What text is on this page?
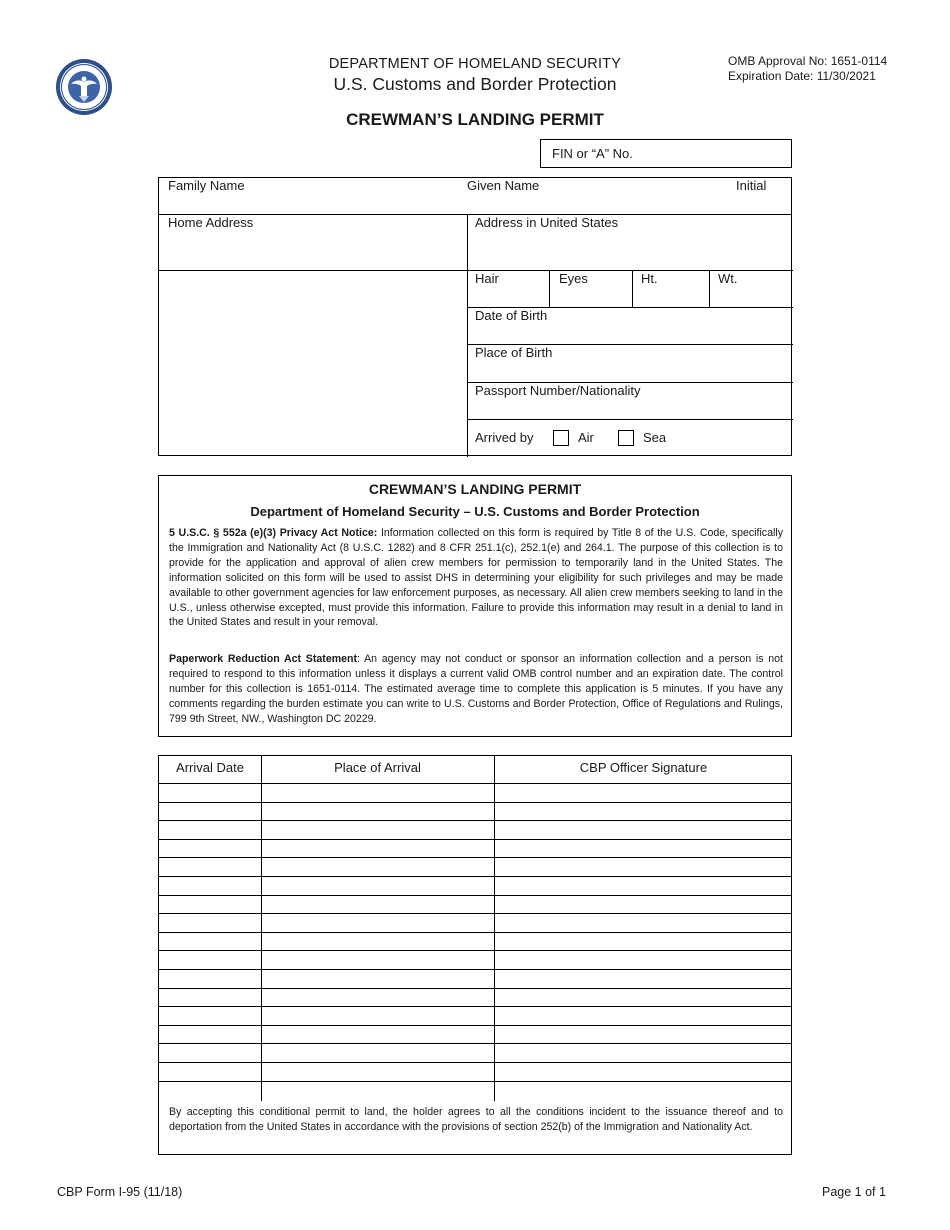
DEPARTMENT OF HOMELAND SECURITY
U.S. Customs and Border Protection
OMB Approval No: 1651-0114
Expiration Date: 11/30/2021
CREWMAN’S LANDING PERMIT
FIN or “A” No.
Family Name	Given Name	Initial
Home Address	Address in United States
Hair	Eyes	Ht.	Wt.
Date of Birth
Place of Birth
Passport Number/Nationality
Arrived by	Air	Sea
CREWMAN’S LANDING PERMIT
Department of Homeland Security – U.S. Customs and Border Protection
5 U.S.C. § 552a (e)(3) Privacy Act Notice: Information collected on this form is required by Title 8 of the U.S. Code, specifically the Immigration and Nationality Act (8 U.S.C. 1282) and 8 CFR 251.1(c), 252.1(e) and 264.1. The purpose of this collection is to provide for the application and approval of alien crew members for permission to temporarily land in the United States. The information solicited on this form will be used to assist DHS in determining your eligibility for such privileges and may be made available to other government agencies for law enforcement purposes, as necessary. All alien crew members seeking to land in the U.S., unless otherwise excepted, must provide this information. Failure to provide this information may result in a denial to land in the United States and result in your removal.
Paperwork Reduction Act Statement: An agency may not conduct or sponsor an information collection and a person is not required to respond to this information unless it displays a current valid OMB control number and an expiration date. The control number for this collection is 1651-0114. The estimated average time to complete this application is 5 minutes. If you have any comments regarding the burden estimate you can write to U.S. Customs and Border Protection, Office of Regulations and Rulings, 799 9th Street, NW., Washington DC 20229.
Arrival Date	Place of Arrival	CBP Officer Signature
By accepting this conditional permit to land, the holder agrees to all the conditions incident to the issuance thereof and to deportation from the United States in accordance with the provisions of section 252(b) of the Immigration and Nationality Act.
CBP Form I-95 (11/18)	Page 1 of 1
